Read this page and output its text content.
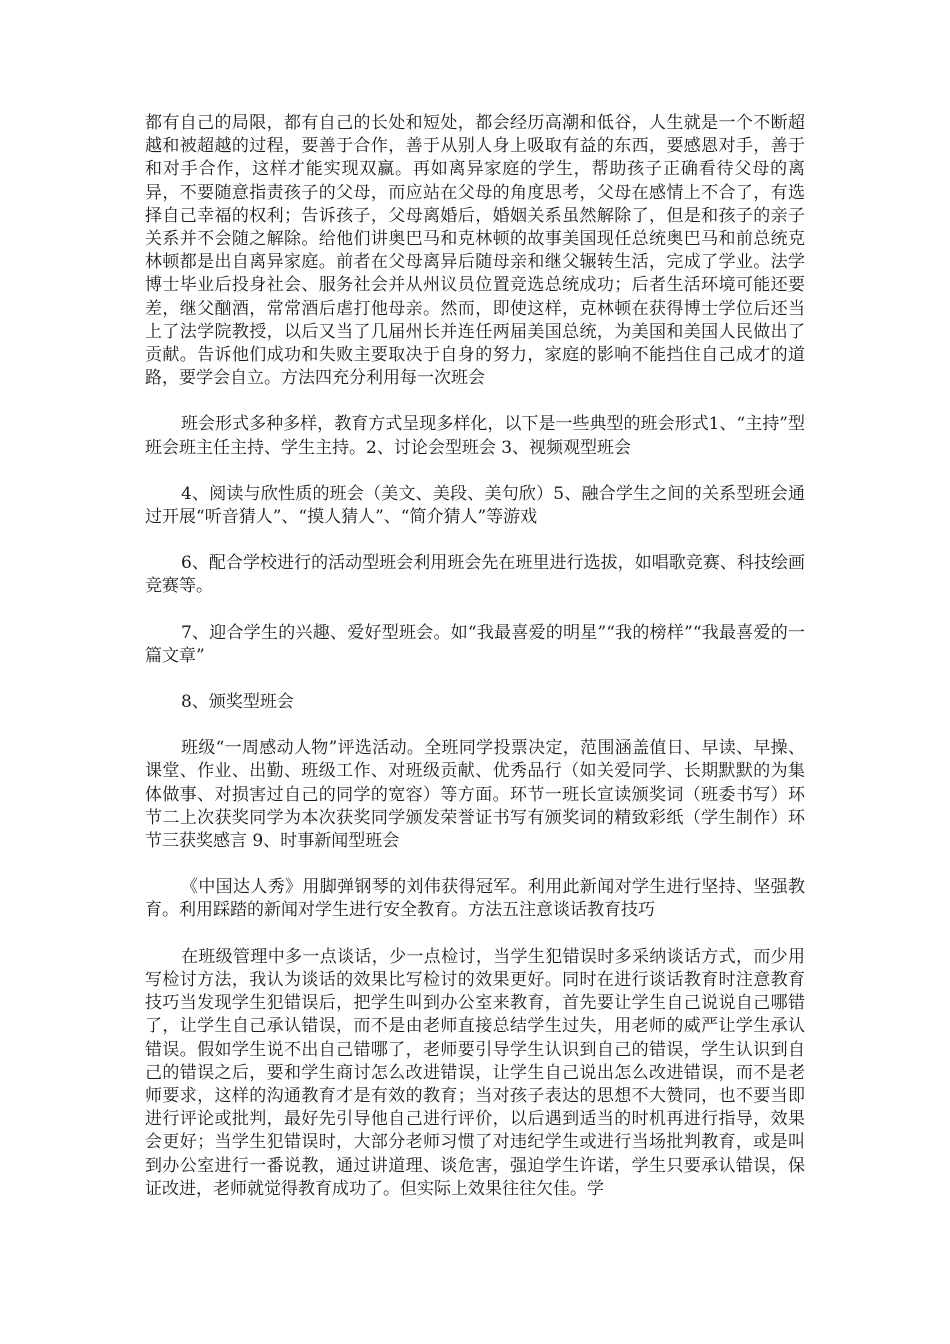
都有自己的局限，都有自己的长处和短处，都会经历高潮和低谷，人生就是一个不断超越和被超越的过程，要善于合作，善于从别人身上吸取有益的东西，要感恩对手，善于和对手合作，这样才能实现双赢。再如离异家庭的学生，帮助孩子正确看待父母的离异，不要随意指责孩子的父母，而应站在父母的角度思考，父母在感情上不合了，有选择自己幸福的权利；告诉孩子，父母离婚后，婚姻关系虽然解除了，但是和孩子的亲子关系并不会随之解除。给他们讲奥巴马和克林顿的故事美国现任总统奥巴马和前总统克林顿都是出自离异家庭。前者在父母离异后随母亲和继父辗转生活，完成了学业。法学博士毕业后投身社会、服务社会并从州议员位置竞选总统成功；后者生活环境可能还要差，继父酗酒，常常酒后虐打他母亲。然而，即使这样，克林顿在获得博士学位后还当上了法学院教授，以后又当了几届州长并连任两届美国总统，为美国和美国人民做出了贡献。告诉他们成功和失败主要取决于自身的努力，家庭的影响不能挡住自己成才的道路，要学会自立。方法四充分利用每一次班会

班会形式多种多样，教育方式呈现多样化，以下是一些典型的班会形式1、“主持”型班会班主任主持、学生主持。2、讨论会型班会 3、视频观型班会

4、阅读与欣性质的班会（美文、美段、美句欣）5、融合学生之间的关系型班会通过开展“听音猜人”、“摸人猜人”、“简介猜人”等游戏

6、配合学校进行的活动型班会利用班会先在班里进行选拔，如唱歌竞赛、科技绘画竞赛等。

7、迎合学生的兴趣、爱好型班会。如“我最喜爱的明星”“我的榜样”“我最喜爱的一篇文章”

8、颁奖型班会

班级“一周感动人物”评选活动。全班同学投票决定，范围涵盖值日、早读、早操、课堂、作业、出勤、班级工作、对班级贡献、优秀品行（如关爱同学、长期默默的为集体做事、对损害过自己的同学的宽容）等方面。环节一班长宣读颁奖词（班委书写）环节二上次获奖同学为本次获奖同学颁发荣誉证书写有颁奖词的精致彩纸（学生制作）环节三获奖感言 9、时事新闻型班会

《中国达人秀》用脚弹钢琴的刘伟获得冠军。利用此新闻对学生进行坚持、坚强教育。利用踩踏的新闻对学生进行安全教育。方法五注意谈话教育技巧

在班级管理中多一点谈话，少一点检讨，当学生犯错误时多采纳谈话方式，而少用写检讨方法，我认为谈话的效果比写检讨的效果更好。同时在进行谈话教育时注意教育技巧当发现学生犯错误后，把学生叫到办公室来教育，首先要让学生自己说说自己哪错了，让学生自己承认错误，而不是由老师直接总结学生过失，用老师的威严让学生承认错误。假如学生说不出自己错哪了，老师要引导学生认识到自己的错误，学生认识到自己的错误之后，要和学生商讨怎么改进错误，让学生自己说出怎么改进错误，而不是老师要求，这样的沟通教育才是有效的教育；当对孩子表达的思想不大赞同，也不要当即进行评论或批判，最好先引导他自己进行评价，以后遇到适当的时机再进行指导，效果会更好；当学生犯错误时，大部分老师习惯了对违纪学生或进行当场批判教育，或是叫到办公室进行一番说教，通过讲道理、谈危害，强迫学生许诺，学生只要承认错误，保证改进，老师就觉得教育成功了。但实际上效果往往欠佳。学
